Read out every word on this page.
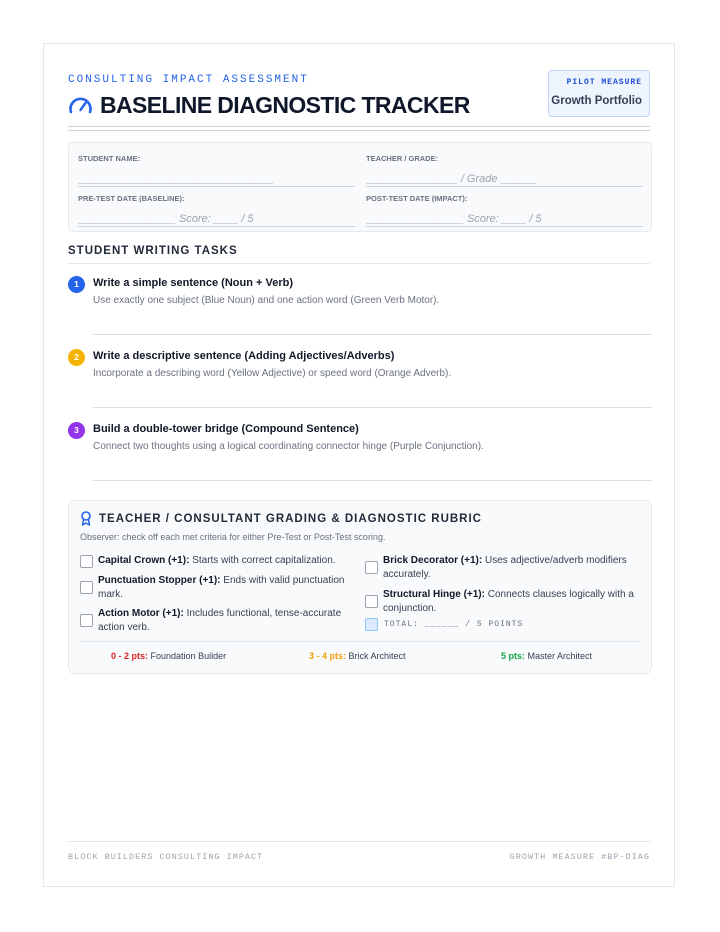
CONSULTING IMPACT ASSESSMENT
BASELINE DIAGNOSTIC TRACKER
PILOT MEASURE
Growth Portfolio
STUDENT NAME:
________________________________
TEACHER / GRADE:
_______________ / Grade ______
PRE-TEST DATE (BASELINE):
________________ Score: ____ / 5
POST-TEST DATE (IMPACT):
________________ Score: ____ / 5
STUDENT WRITING TASKS
1	Write a simple sentence (Noun + Verb)
Use exactly one subject (Blue Noun) and one action word (Green Verb Motor).
2	Write a descriptive sentence (Adding Adjectives/Adverbs)
Incorporate a describing word (Yellow Adjective) or speed word (Orange Adverb).
3	Build a double-tower bridge (Compound Sentence)
Connect two thoughts using a logical coordinating connector hinge (Purple Conjunction).
TEACHER / CONSULTANT GRADING & DIAGNOSTIC RUBRIC
Observer: check off each met criteria for either Pre-Test or Post-Test scoring.
Capital Crown (+1): Starts with correct capitalization.
Punctuation Stopper (+1): Ends with valid punctuation mark.
Action Motor (+1): Includes functional, tense-accurate action verb.
Brick Decorator (+1): Uses adjective/adverb modifiers accurately.
Structural Hinge (+1): Connects clauses logically with a conjunction.
TOTAL: ______ / 5 POINTS
0 - 2 pts: Foundation Builder	3 - 4 pts: Brick Architect	5 pts: Master Architect
BLOCK BUILDERS CONSULTING IMPACT	GROWTH MEASURE #BP-DIAG
